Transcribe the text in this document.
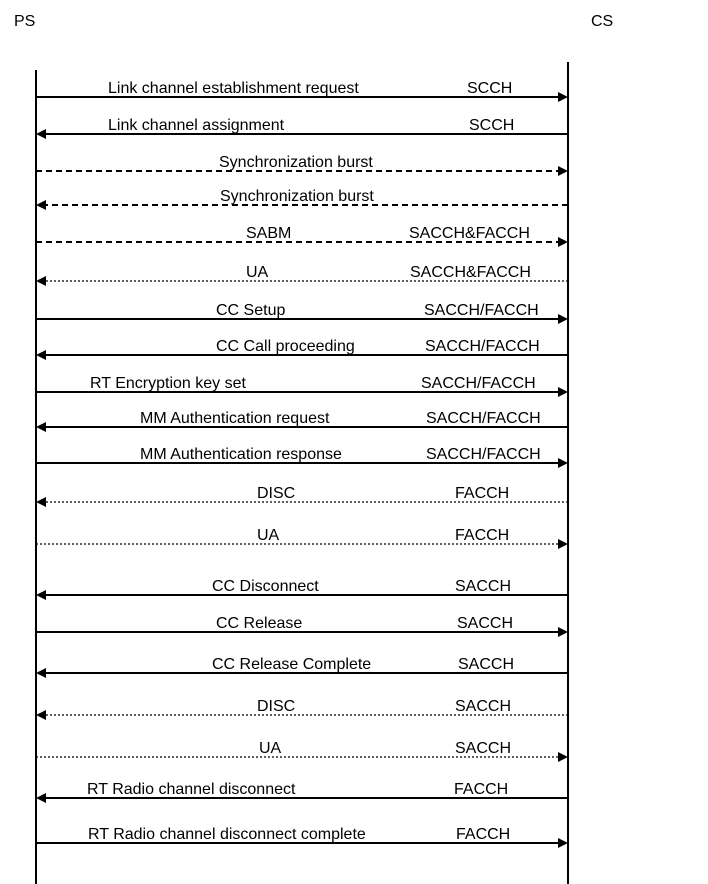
PS	CS
Link channel establishment request	SCCH
Link channel assignment	SCCH
Synchronization burst
Synchronization burst
SABM	SACCH&FACCH
UA	SACCH&FACCH
CC Setup	SACCH/FACCH
CC Call proceeding	SACCH/FACCH
RT Encryption key set	SACCH/FACCH
MM Authentication request	SACCH/FACCH
MM Authentication response	SACCH/FACCH
DISC	FACCH
UA	FACCH
CC Disconnect	SACCH
CC Release	SACCH
CC Release Complete	SACCH
DISC	SACCH
UA	SACCH
RT Radio channel disconnect	FACCH
RT Radio channel disconnect complete	FACCH
